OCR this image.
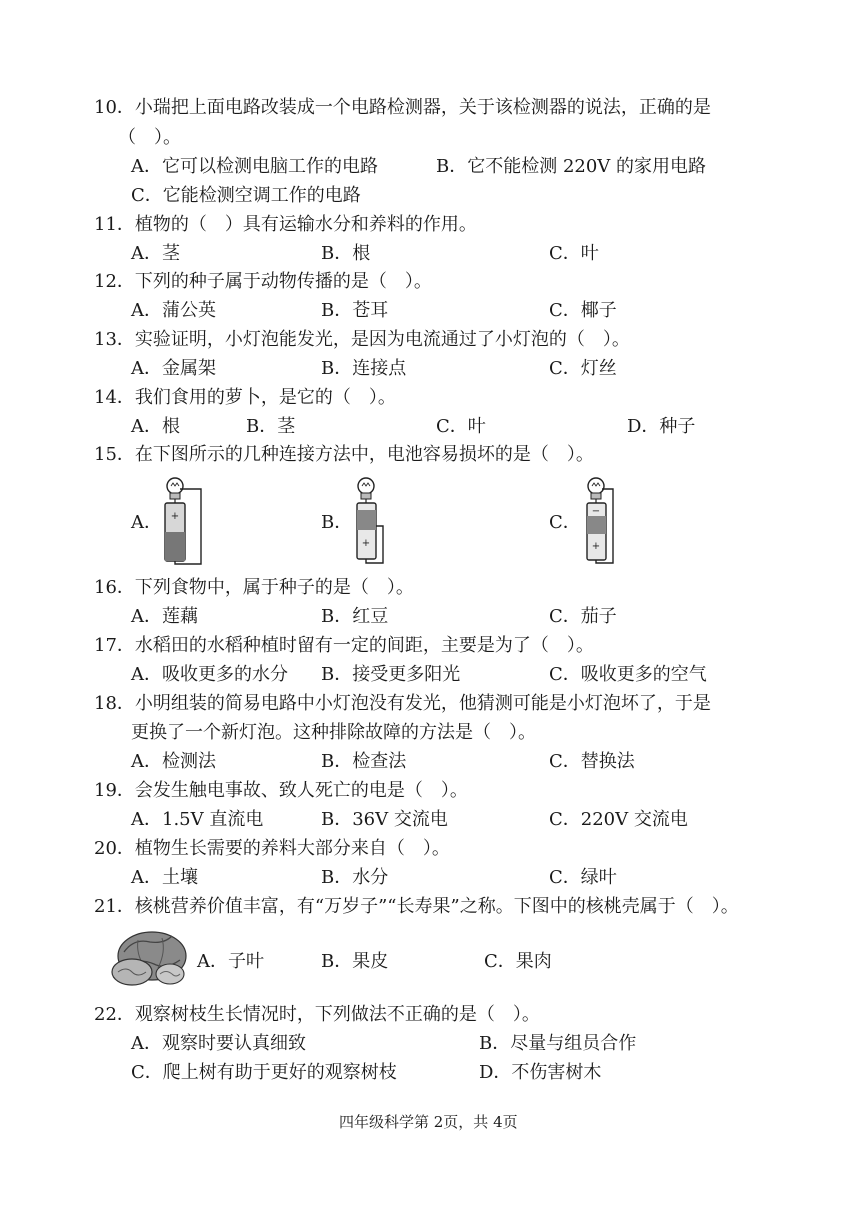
10．小瑞把上面电路改装成一个电路检测器，关于该检测器的说法，正确的是
（　）。
A．它可以检测电脑工作的电路	B．它不能检测 220V 的家用电路
C．它能检测空调工作的电路
11．植物的（　）具有运输水分和养料的作用。
A．茎	B．根	C．叶
12．下列的种子属于动物传播的是（　）。
A．蒲公英	B．苍耳	C．椰子
13．实验证明，小灯泡能发光，是因为电流通过了小灯泡的（　）。
A．金属架	B．连接点	C．灯丝
14．我们食用的萝卜，是它的（　）。
A．根	B．茎	C．叶	D．种子
15．在下图所示的几种连接方法中，电池容易损坏的是（　）。
A．	B．	C．
+
+
−
+
16．下列食物中，属于种子的是（　）。
A．莲藕	B．红豆	C．茄子
17．水稻田的水稻种植时留有一定的间距，主要是为了（　）。
A．吸收更多的水分 B．接受更多阳光	C．吸收更多的空气
18．小明组装的简易电路中小灯泡没有发光，他猜测可能是小灯泡坏了，于是
更换了一个新灯泡。这种排除故障的方法是（　）。
A．检测法	B．检查法	C．替换法
19．会发生触电事故、致人死亡的电是（　）。
A．1.5V 直流电	B．36V 交流电	C．220V 交流电
20．植物生长需要的养料大部分来自（　）。
A．土壤	B．水分	C．绿叶
21．核桃营养价值丰富，有“万岁子”“长寿果”之称。下图中的核桃壳属于（　）。
A．子叶	B．果皮	C．果肉
22．观察树枝生长情况时，下列做法不正确的是（　）。
A．观察时要认真细致	B．尽量与组员合作
C．爬上树有助于更好的观察树枝	D．不伤害树木
四年级科学第 2页，共 4页
